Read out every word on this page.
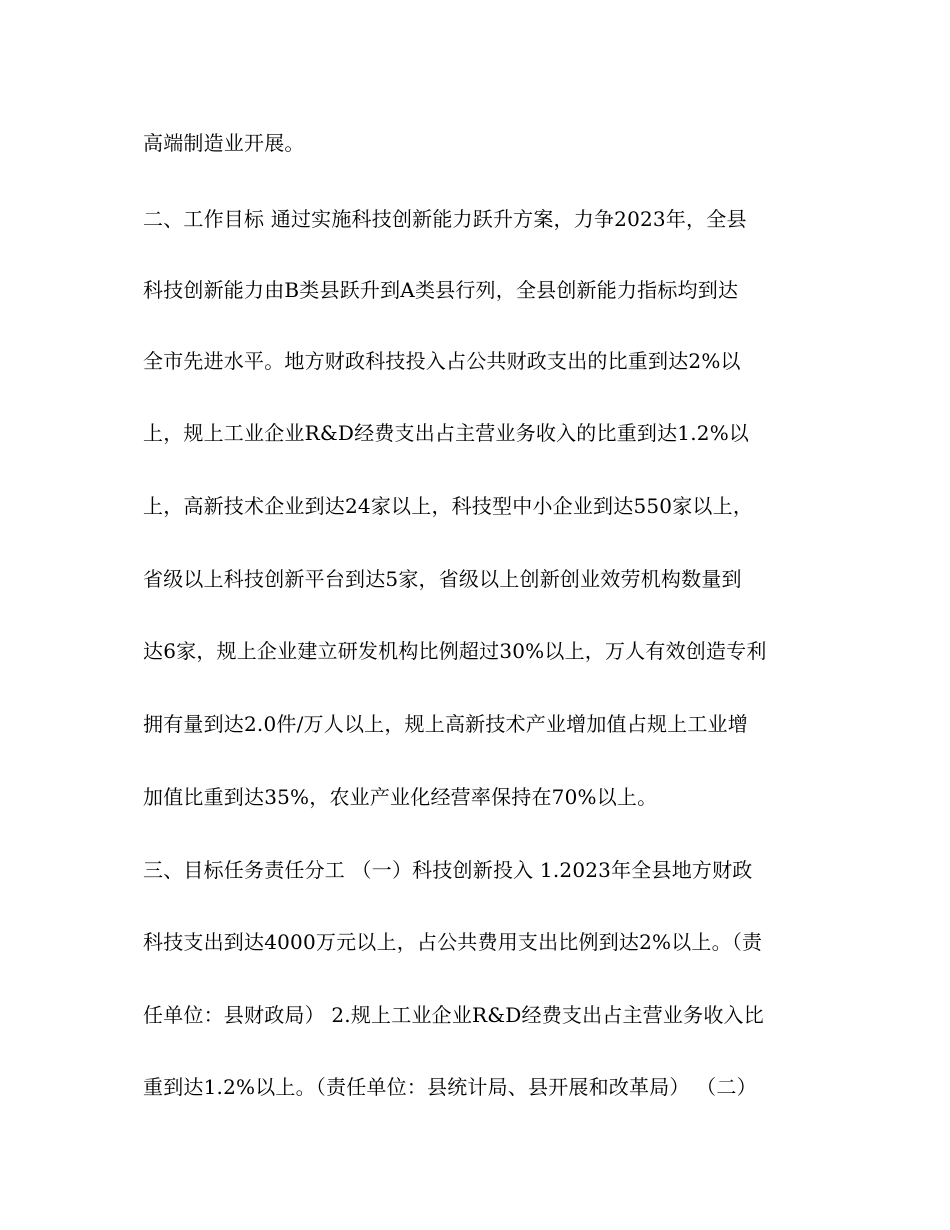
高端制造业开展。

二、工作目标 通过实施科技创新能力跃升方案，力争2023年，全县

科技创新能力由B类县跃升到A类县行列，全县创新能力指标均到达

全市先进水平。地方财政科技投入占公共财政支出的比重到达2%以

上，规上工业企业R&D经费支出占主营业务收入的比重到达1.2%以

上，高新技术企业到达24家以上，科技型中小企业到达550家以上，

省级以上科技创新平台到达5家，省级以上创新创业效劳机构数量到

达6家，规上企业建立研发机构比例超过30%以上，万人有效创造专利

拥有量到达2.0件/万人以上，规上高新技术产业增加值占规上工业增

加值比重到达35%，农业产业化经营率保持在70%以上。

三、目标任务责任分工 （一）科技创新投入 1.2023年全县地方财政

科技支出到达4000万元以上，占公共费用支出比例到达2%以上。（责

任单位：县财政局） 2.规上工业企业R&D经费支出占主营业务收入比

重到达1.2%以上。（责任单位：县统计局、县开展和改革局） （二）
